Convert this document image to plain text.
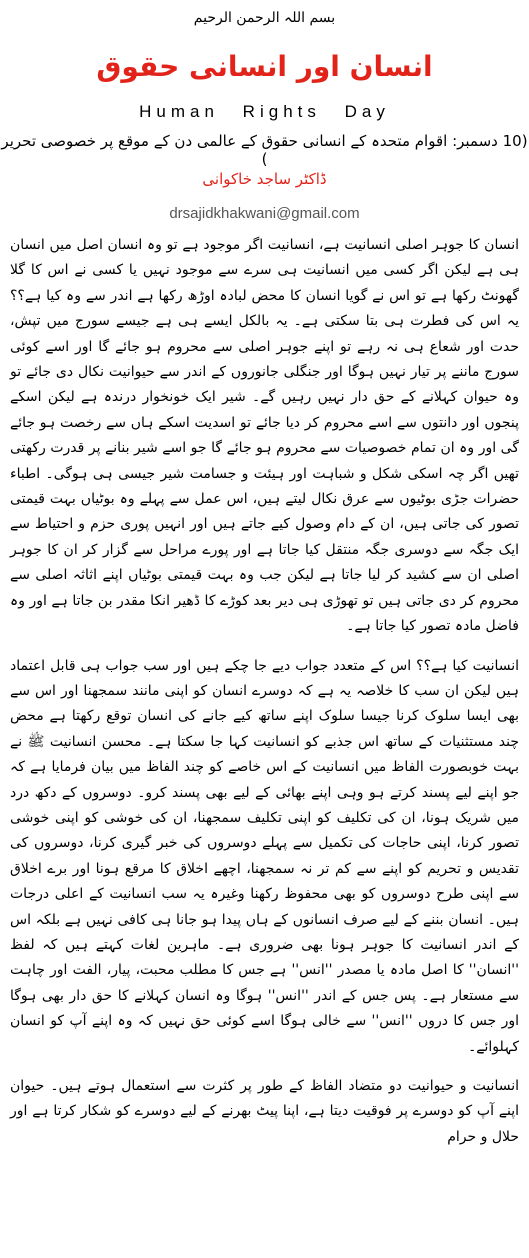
بسم اللہ الرحمن الرحیم
انسان اور انسانی حقوق
Human Rights Day
(10 دسمبر: اقوام متحدہ کے انسانی حقوق کے عالمی دن کے موقع پر خصوصی تحریر )
ڈاکٹر ساجد خاکوانی
drsajidkhakwani@gmail.com

انسان کا جوہر اصلی انسانیت ہے، انسانیت اگر موجود ہے تو وہ انسان اصل میں انسان ہی ہے لیکن اگر کسی میں انسانیت ہی سرے سے موجود نہیں یا کسی نے اس کا گلا گھونٹ رکھا ہے تو اس نے گویا انسان کا محض لبادہ اوڑھ رکھا ہے اندر سے وہ کیا ہے؟؟ یہ اس کی فطرت ہی بتا سکتی ہے۔ یہ بالکل ایسے ہی ہے جیسے سورج میں تپش، حدت اور شعاع ہی نہ رہے تو اپنے جوہر اصلی سے محروم ہو جائے گا اور اسے کوئی سورج ماننے پر تیار نہیں ہوگا اور جنگلی جانوروں کے اندر سے حیوانیت نکال دی جائے تو وہ حیوان کہلانے کے حق دار نہیں رہیں گے۔ شیر ایک خونخوار درندہ ہے لیکن اسکے پنجوں اور دانتوں سے اسے محروم کر دیا جائے تو اسدیت اسکے ہاں سے رخصت ہو جائے گی اور وہ ان تمام خصوصیات سے محروم ہو جائے گا جو اسے شیر بنانے پر قدرت رکھتی تھیں اگر چہ اسکی شکل و شباہت اور ہیئت و جسامت شیر جیسی ہی ہوگی۔ اطباء حضرات جڑی بوٹیوں سے عرق نکال لیتے ہیں، اس عمل سے پہلے وہ بوٹیاں بہت قیمتی تصور کی جاتی ہیں، ان کے دام وصول کیے جاتے ہیں اور انہیں پوری حزم و احتیاط سے ایک جگہ سے دوسری جگہ منتقل کیا جاتا ہے اور پورے مراحل سے گزار کر ان کا جوہر اصلی ان سے کشید کر لیا جاتا ہے لیکن جب وہ بہت قیمتی بوٹیاں اپنے اثاثہ اصلی سے محروم کر دی جاتی ہیں تو تھوڑی ہی دیر بعد کوڑے کا ڈھیر انکا مقدر بن جاتا ہے اور وہ فاضل مادہ تصور کیا جاتا ہے۔

انسانیت کیا ہے؟؟ اس کے متعدد جواب دیے جا چکے ہیں اور سب جواب ہی قابل اعتماد ہیں لیکن ان سب کا خلاصہ یہ ہے کہ دوسرے انسان کو اپنی مانند سمجھنا اور اس سے بھی ایسا سلوک کرنا جیسا سلوک اپنے ساتھ کیے جانے کی انسان توقع رکھتا ہے محض چند مستثنیات کے ساتھ اس جذبے کو انسانیت کہا جا سکتا ہے۔ محسن انسانیت ﷺ نے بہت خوبصورت الفاظ میں انسانیت کے اس خاصے کو چند الفاظ میں بیان فرمایا ہے کہ جو اپنے لیے پسند کرتے ہو وہی اپنے بھائی کے لیے بھی پسند کرو۔ دوسروں کے دکھ درد میں شریک ہونا، ان کی تکلیف کو اپنی تکلیف سمجھنا، ان کی خوشی کو اپنی خوشی تصور کرنا، اپنی حاجات کی تکمیل سے پہلے دوسروں کی خبر گیری کرنا، دوسروں کی تقدیس و تحریم کو اپنے سے کم تر نہ سمجھنا، اچھے اخلاق کا مرقع ہونا اور برے اخلاق سے اپنی طرح دوسروں کو بھی محفوظ رکھنا وغیرہ یہ سب انسانیت کے اعلی درجات ہیں۔ انسان بننے کے لیے صرف انسانوں کے ہاں پیدا ہو جانا ہی کافی نہیں ہے بلکہ اس کے اندر انسانیت کا جوہر ہونا بھی ضروری ہے۔ ماہرین لغات کہتے ہیں کہ لفظ ''انسان'' کا اصل مادہ یا مصدر ''انس'' ہے جس کا مطلب محبت، پیار، الفت اور چاہت سے مستعار ہے۔ پس جس کے اندر ''انس'' ہوگا وہ انسان کہلانے کا حق دار بھی ہوگا اور جس کا دروں ''انس'' سے خالی ہوگا اسے کوئی حق نہیں کہ وہ اپنے آپ کو انسان کہلوائے۔

انسانیت و حیوانیت دو متضاد الفاظ کے طور پر کثرت سے استعمال ہوتے ہیں۔ حیوان اپنے آپ کو دوسرے پر فوقیت دیتا ہے، اپنا پیٹ بھرنے کے لیے دوسرے کو شکار کرتا ہے اور حلال و حرام
